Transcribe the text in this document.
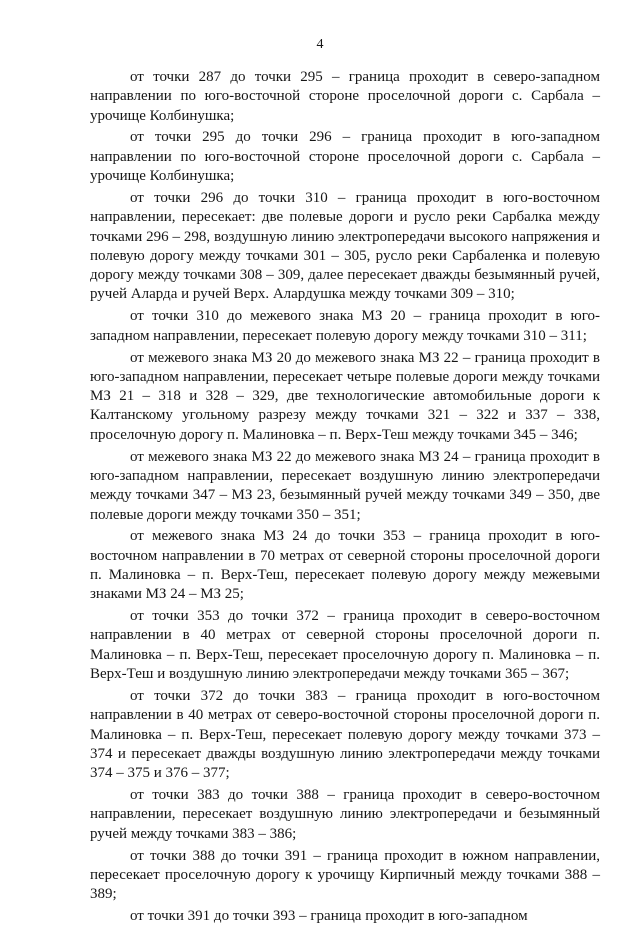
4

от точки 287 до точки 295 – граница проходит в северо-западном направлении по юго-восточной стороне проселочной дороги с. Сарбала – урочище Колбинушка;

от точки 295 до точки 296 – граница проходит в юго-западном направлении по юго-восточной стороне проселочной дороги с. Сарбала – урочище Колбинушка;

от точки 296 до точки 310 – граница проходит в юго-восточном направлении, пересекает: две полевые дороги и русло реки Сарбалка между точками 296 – 298, воздушную линию электропередачи высокого напряжения и полевую дорогу между точками 301 – 305, русло реки Сарбаленка и полевую дорогу между точками 308 – 309, далее пересекает дважды безымянный ручей, ручей Аларда и ручей Верх. Алардушка между точками 309 – 310;

от точки 310 до межевого знака МЗ 20 – граница проходит в юго-западном направлении, пересекает полевую дорогу между точками 310 – 311;

от межевого знака МЗ 20 до межевого знака МЗ 22 – граница проходит в юго-западном направлении, пересекает четыре полевые дороги между точками МЗ 21 – 318 и 328 – 329, две технологические автомобильные дороги к Калтанскому угольному разрезу между точками 321 – 322 и 337 – 338, проселочную дорогу п. Малиновка – п. Верх-Теш между точками 345 – 346;

от межевого знака МЗ 22 до межевого знака МЗ 24 – граница проходит в юго-западном направлении, пересекает воздушную линию электропередачи между точками 347 – МЗ 23, безымянный ручей между точками 349 – 350, две полевые дороги между точками 350 – 351;

от межевого знака МЗ 24 до точки 353 – граница проходит в юго-восточном направлении в 70 метрах от северной стороны проселочной дороги п. Малиновка – п. Верх-Теш, пересекает полевую дорогу между межевыми знаками МЗ 24 – МЗ 25;

от точки 353 до точки 372 – граница проходит в северо-восточном направлении в 40 метрах от северной стороны проселочной дороги п. Малиновка – п. Верх-Теш, пересекает проселочную дорогу п. Малиновка – п. Верх-Теш и воздушную линию электропередачи между точками 365 – 367;

от точки 372 до точки 383 – граница проходит в юго-восточном направлении в 40 метрах от северо-восточной стороны проселочной дороги п. Малиновка – п. Верх-Теш, пересекает полевую дорогу между точками 373 – 374 и пересекает дважды воздушную линию электропередачи между точками 374 – 375 и 376 – 377;

от точки 383 до точки 388 – граница проходит в северо-восточном направлении, пересекает воздушную линию электропередачи и безымянный ручей между точками 383 – 386;

от точки 388 до точки 391 – граница проходит в южном направлении, пересекает проселочную дорогу к урочищу Кирпичный между точками 388 – 389;

от точки 391 до точки 393 – граница проходит в юго-западном
